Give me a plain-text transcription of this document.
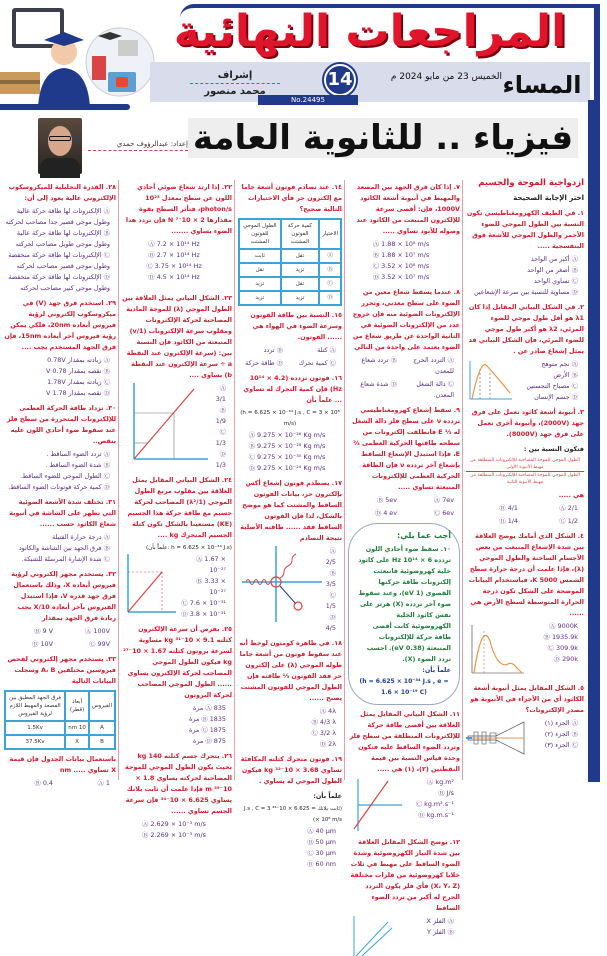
المراجعات النهائية
المساء
الخميس 23 من مايو 2024 م
14
No.24495
إشراف
محمد منصور
فيزياء .. للثانوية العامة
إعداد: عبدالرؤوف حمدي
ازدواجية الموجة والجسيم
اختر الإجابة الصحيحة
١. في الطيف الكهرومغناطيسي تكون النسبة بين الطول الموجي للضوء الأحمر والطول الموجي للأشعة فوق البنفسجية .....
Ⓐ أكبر من الواحد
Ⓑ أصغر من الواحد
Ⓒ تساوي الواحد
Ⓓ مساوية للنسبة بين سرعة الإشعاعين
٢. في الشكل البياني المقابل إذا كان λ1 هو أقل طول موجي للضوء المرئي، λ2 هو أكبر طول موجي للضوء المرئي، فإن الشكل البياني قد يمثل إشعاع صادر عن .
Ⓐ نجم متوهج
Ⓑ الأرض
Ⓒ مصباح التجستين
Ⓓ جسم الإنسان
٣. أنبوبة أشعة كاثود تعمل على فرق جهد (2000V)، وأنبوبة أخرى تعمل على فرق جهد (8000V).
فتكون النسبة بين :
الطول الموجي للموجة المصاحبة للإلكترونات المنطلقة من مهبط الأنبوبة الأولى
الطول الموجي للموجة المصاحبة للإلكترونات المنطلقة من مهبط الأنبوبة الثانية
هي .....
Ⓐ 2/1
Ⓑ 4/1
Ⓒ 1/2
Ⓓ 1/4
٤. الشكل الذي أمامك يوضح العلاقة بين شدة الإشعاع المنبعث من بعض الأجسام الساخنة والطول الموجي (λ)، فإذا علمت أن درجة حرارة سطح الشمس 5000 K، فباستخدام البيانات الموضحة على الشكل تكون درجة الحرارة المتوسطة لسطح الأرض هي ......
Ⓐ 9000K
Ⓑ 1935.9k
Ⓒ 309.9k
Ⓓ 290k
٥. الشكل المقابل يمثل أنبوبة أشعة الكاثود أي من الأجزاء في الأنبوبة هو مصدر الإلكترونات؟
Ⓐ الجزء (١)
Ⓑ الجزء (٢)
Ⓒ الجزء (٣)
٧. إذا كان فرق الجهد بين المصعد والمهبط في أنبوبة أشعة الكاثود 1000V، فإن: أقصى سرعة للإلكترون المنبعث من الكاثود عند وصوله للأنود تساوي .....
Ⓐ 1.88 × 10⁸ m/s
Ⓑ 1.88 × 10⁷ m/s
Ⓒ 3.52 × 10⁸ m/s
Ⓓ 3.52 × 10⁷ m/s
٨. عندما يسقط شعاع معين من الضوء على سطح معدني، وتحرر الإلكترونات الضوئية منه فإن خروج عدد من الإلكترونات الضوئية في الثانية الواحدة عن طريق شعاع من الضوء يعتمد على واحدة من التالي
Ⓐ التردد الحرج للمعدن
Ⓑ تردد شعاع
Ⓒ دالة الشغل المعدن.
Ⓓ شدة شعاع
٩. سقط إشعاع كهرومغناطيسي تردده ν على سطح فلز دالة الشغل له ⅓ E فانطلقت إلكترونات من سطحه طاقتها الحركية العظمى ⅔ E، فإذا استبدل الإشعاع الساقط بإشعاع آخر تردده ν فإن الطاقة الحركية العظمى للإلكترونات المنبعثة تساوي .....
Ⓐ 7ev
Ⓑ 5ev
Ⓒ 6ev
Ⓓ 4 ev
أجب عما يلي:
١٠. سقط ضوء أحادي اللون تردده 6 × 10¹⁴ Hz على كاثود خلية كهروضوئية فانبعثت إلكترونات طاقة حركتها القصوى (1 eV)، وعند سقوط ضوء آخر تردده (X) هرتز على نفس كاثود الخلية الكهروضوئية كانت أقصى طاقة حركة للإلكترونات المنبعثة (0.38 eV). احسب تردد الضوء (X).
علماً بأن:
(h = 6.625 × 10⁻³⁴ J.s , e = 1.6 × 10⁻¹⁹ C)
١١. الشكل البياني المقابل يمثل العلاقة بين أقصى طاقة حركة للإلكترونات المنطلقة من سطح فلز وتردد الضوء الساقط عليه فتكون وحدة قياس النسبة بين قيمة النقطتين (٢)، (١) هي .....
Ⓐ kg.m²
Ⓑ J/s
Ⓒ kg.m².s⁻¹
Ⓓ kg.m.s⁻¹
١٢. يوضح الشكل المقابل العلاقة بين شدة التيار الكهروضوئية وشدة الضوء الساقط على مهبط في ثلاث خلايا كهروضوئية من فلزات مختلفة (X، Y، Z) فأي فلز يكون التردد الحرج له أكبر من تردد الضوء الساقط
Ⓐ الفلز X
Ⓑ الفلز Y
١٤. عند تصادم فوتون أشعة جاما مع إلكترون حر فأي الاختيارات التالية صحيح؟
الاختيار	كمية حركة الفوتون المشتت	الطول الموجي للفوتون المشتت
Ⓐ	تقل	ثابت
Ⓑ	تزيد	تقل
Ⓒ	تقل	تزيد
Ⓓ	تزيد	تزيد
١٥. النسبة بين طاقة الفوتون وسرعة الضوء في الهواء هي ...... الفوتون.
Ⓐ كتلة
Ⓑ تردد
Ⓒ كمية تحرك
Ⓓ طاقة حركة
١٦. فوتون تردده (4.2 × 10¹⁴ Hz) فإن كمية التحرك له تساوي ... علماً بأن
(h = 6.625 × 10⁻³⁴ J.s , C = 3 × 10⁸ m/s)
Ⓐ 9.275 × 10⁻²⁶ Kg m/s
Ⓑ 9.275 × 10⁻²⁸ Kg m/s
Ⓒ 9.275 × 10⁻³⁰ Kg m/s
Ⓓ 9.275 × 10⁻²⁴ Kg m/s
١٧. يصطدم فوتون إشعاع أكس بإلكترون حر، بيانات الفوتون الساقط والمشتت كما هو موضح بالشكل، لذا فإن الفوتون الساقط فقد ...... طاقته الأصلية نتيجة التصادم
Ⓐ 2/5
Ⓑ 3/5
Ⓒ 1/5
Ⓓ 4/5
١٨. في ظاهرة كومتون لوحظ أنه عند سقوط فوتون من أشعة جاما طوله الموجي (λ) على إلكترون حر فقد الفوتون ⅓ طاقته فإن الطول الموجي للفوتون المشتت يصبح ......
Ⓐ 4λ
Ⓑ 4/3 λ
Ⓒ 3/2 λ
Ⓓ 2λ
١٩. فوتون متحرك كتلته المكافئة تساوي 3.68 × 10⁻³² kg فيكون الطول الموجي له يساوي .
علماً بأن:
(ثابت بلانك = 6.625 × 10⁻³⁴ J.s , C = 3 × 10⁸ m/s)
Ⓐ 40 μm
Ⓑ 50 μm
Ⓒ 30 μm
Ⓓ 60 nm
٢٢. إذا ارتد شعاع ضوئي أحادي اللون عن سطح بمعدل 10²³ photon/s، فتأثر السطح بقوة مقدارها 2 × 10⁻⁷ N فإن تردد هذا الضوء يساوي .......
Ⓐ 7.2 × 10¹⁴ Hz
Ⓑ 2.7 × 10¹⁴ Hz
Ⓒ 3.75 × 10¹⁴ Hz
Ⓓ 4.5 × 10¹⁴ Hz
٢٣. الشكل البياني يمثل العلاقة بين الطول الموجي (λ) للموجة المادية المصاحبة لحركة الإلكترونات ومقلوب سرعة الإلكترونات (1/v) المنبعثة من الكاثود فإن النسبة بين: (سرعة الإلكترون عند النقطة a ÷ سرعة الإلكترون عند النقطة b) يساوي ....
Ⓐ 3/1
Ⓑ 1/9
Ⓒ 1/3
Ⓓ 1/3
٢٤. الشكل البياني المقابل يمثل العلاقة بين مقلوب مربع الطول الموجي (1/λ²) المصاحب لحركة جسيم مع طاقة حركة هذا الجسيم (KE) مستعينا بالشكل تكون كتلة الجسيم المتحرك kg ....
(علماً بأن: h = 6.625 × 10⁻³⁴ J.s)
Ⓐ 1.67 × 10⁻²⁷
Ⓑ 3.33 × 10⁻²⁷
Ⓒ 7.6 × 10⁻³¹
Ⓓ 3.8 × 10⁻³¹
٢٥. بفرض أن سرعة الإلكترون كتلته 9.1 × 10⁻³¹ kg مساوية لسرعة بروتون كتلته 1.67 × 10⁻²⁷ kg فيكون الطول الموجي المصاحب لحركة الإلكترون يساوي ...... الطول الموجي المصاحب لحركة البروتون
Ⓐ 835 مرة
Ⓑ 1835 مرة
Ⓒ 1875 مرة
Ⓓ 875 مرة
٢٦. يتحرك جسم كتلته 140 kg بحيث يكون الطول الموجي للموجة المصاحبة لحركته يساوي 1.8 × 10⁻³⁹ m فإذا علمت أن ثابت بلانك يساوي 6.625 × 10⁻³⁴ فإن سرعة الجسم تساوي ......
Ⓐ 2.629 × 10⁻³ m/s
Ⓑ 2.269 × 10⁻³ m/s
٢٨. القدرة التحليلية للميكروسكوب الإلكتروني عالية يعود إلى أن:
Ⓐ الإلكترونات لها طاقة حركة عالية وطول موجي قصير جدا مصاحب لحركته
Ⓑ الإلكترونات لها طاقة حركة عالية وطول موجي طويل مصاحب لحركته
Ⓒ الإلكترونات لها طاقة حركة منخفضة وطول موجي قصير مصاحب لحركته
Ⓓ الإلكترونات لها طاقة حركة منخفضة وطول موجي كبير مصاحب لحركته
٢٩. استخدم فرق جهد (V) في ميكروسكوب إلكتروني لرؤية فيروس أبعاده 20nm، فلكي يمكن رؤية فيروس آخر أبعاده 15nm، فإن فرق الجهد المستخدم يجب ....
Ⓐ زيادته بمقدار 0.78V
Ⓑ نقصه بمقدار 0.78 V
Ⓒ زيادته بمقدار 1.78V
Ⓓ نقصه بمقدار 1.78 V
٣٠. تزداد طاقة الحركة العظمى للإلكترونات المتحررة من سطح فلز عند سقوط ضوء أحادي اللون عليه بنقص..
Ⓐ تردد الضوء الساقط .
Ⓑ شدة الضوء الساقط .
Ⓒ الطول الموجي للضوء الساقط.
Ⓓ كمية حركة فوتونات الضوء الساقط.
٣١. تختلف شدة الأشعة الضوئية التي تظهر على الشاشة في أنبوبة شعاع الكاثود حسب ......
Ⓐ درجة حرارة الفتيلة
Ⓑ فرق الجهد بين الشاشة والكاثود
Ⓒ شدة الإشارة المرسلة للشبكة.
٣٢. يستخدم مجهر إلكتروني لرؤية فيروس أبعاده X، وذلك باستعمال فرق جهد قدره V، فإذا استبدل الفيروس بآخر أبعاده X/10 يجب زيادة فرق الجهد بمقدار
Ⓐ 100V
Ⓑ 9 V
Ⓒ 99V
Ⓓ 10V
٣٣. يستخدم مجهر إلكتروني لفحص فيروسين مختلفين A، B وسجلت البيانات التالية
الفيروس	أبعاد (قطر)	فرق الجهد المطبق بين المصعد والمهبط اللازم لرؤية الفيروس
A	10 nm	1.5Kv
B	X	37.5Kv
باستعمال بيانات الجدول فإن قيمة X تساوي ..... nm
Ⓐ 1
Ⓑ 0.4
